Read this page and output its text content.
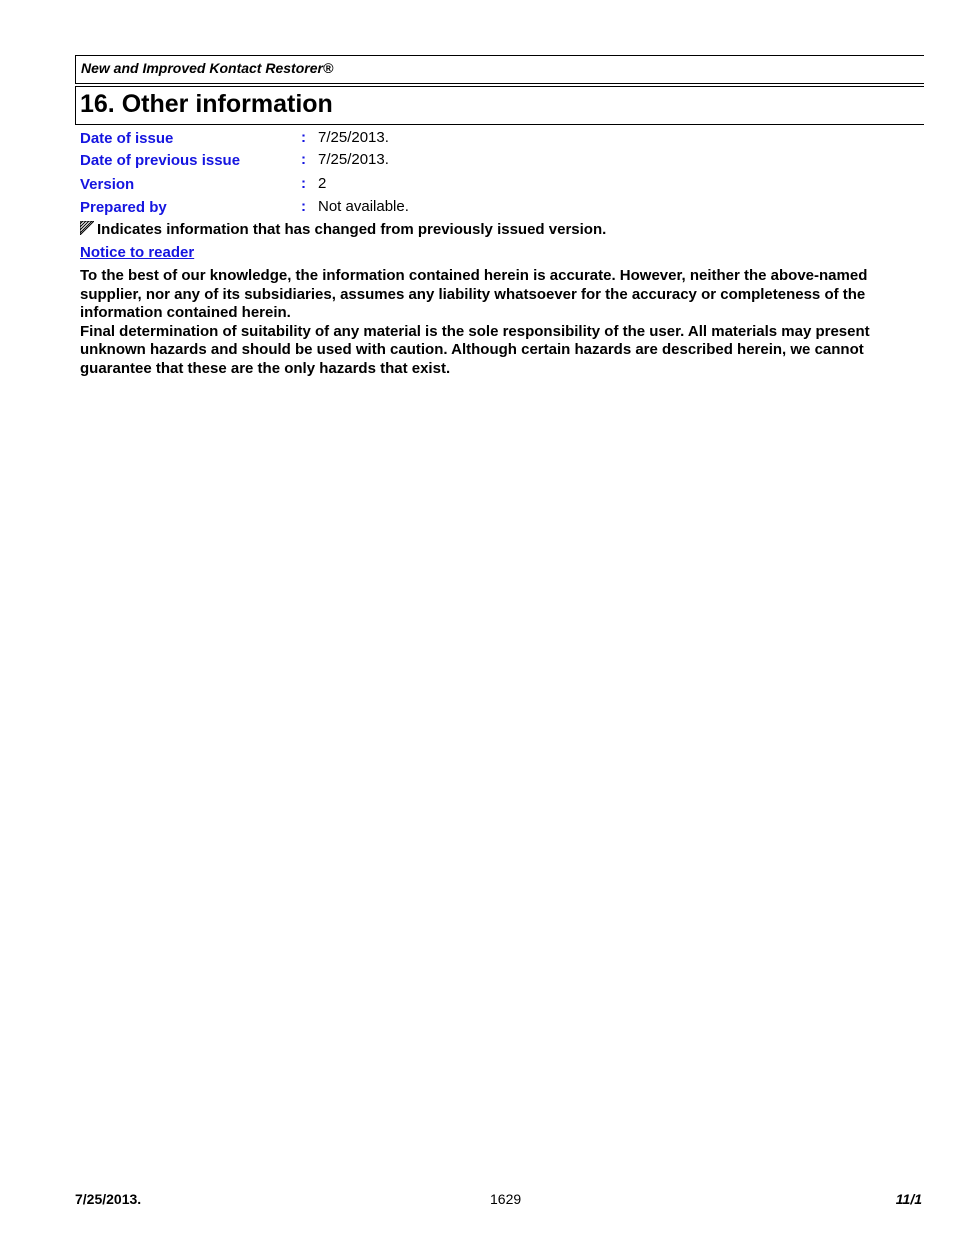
New and Improved Kontact Restorer®
16. Other information
Date of issue	: 7/25/2013.
Date of previous issue	: 7/25/2013.
Version	: 2
Prepared by	: Not available.
Indicates information that has changed from previously issued version.
Notice to reader

To the best of our knowledge, the information contained herein is accurate. However, neither the above-named supplier, nor any of its subsidiaries, assumes any liability whatsoever for the accuracy or completeness of the information contained herein.

Final determination of suitability of any material is the sole responsibility of the user. All materials may present unknown hazards and should be used with caution. Although certain hazards are described herein, we cannot guarantee that these are the only hazards that exist.

7/25/2013.	1629	11/1
